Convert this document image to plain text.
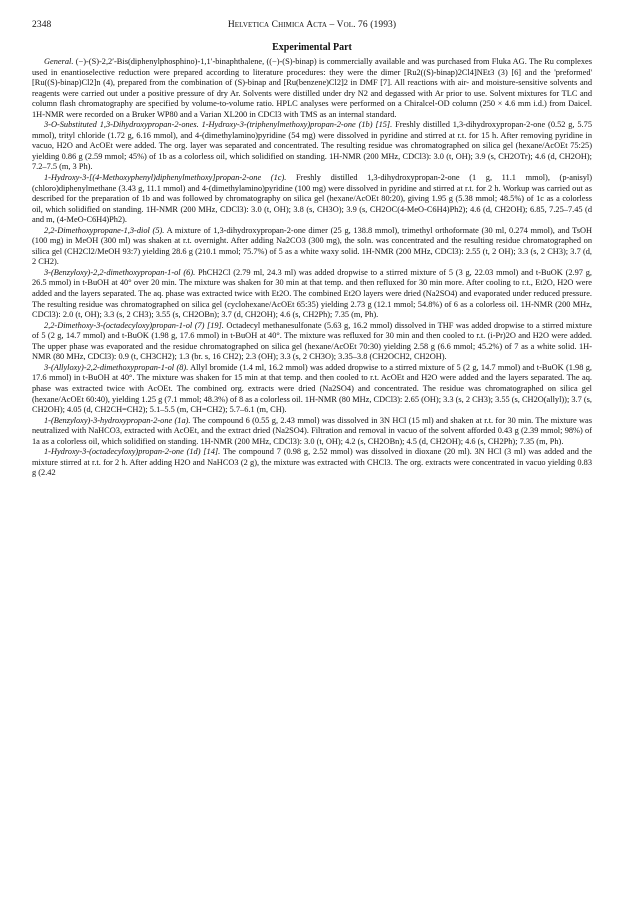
2348	Helvetica Chimica Acta – Vol. 76 (1993)
Experimental Part

General. (−)-(S)-2,2′-Bis(diphenylphosphino)-1,1′-binaphthalene, ((−)-(S)-binap) is commercially available and was purchased from Fluka AG. The Ru complexes used in enantioselective reduction were prepared according to literature procedures: they were the dimer [Ru2((S)-binap)2Cl4]NEt3 (3) [6] and the 'preformed' [Ru((S)-binap)Cl2]n (4), prepared from the combination of (S)-binap and [Ru(benzene)Cl2]2 in DMF [7]. All reactions with air- and moisture-sensitive solvents and reagents were carried out under a positive pressure of dry Ar. Solvents were distilled under dry N2 and degassed with Ar prior to use. Solvent mixtures for TLC and column flash chromatography are specified by volume-to-volume ratio. HPLC analyses were performed on a Chiralcel-OD column (250 × 4.6 mm i.d.) from Daicel. 1H-NMR were recorded on a Bruker WP80 and a Varian XL200 in CDCl3 with TMS as an internal standard.

3-O-Substituted 1,3-Dihydroxypropan-2-ones. 1-Hydroxy-3-(triphenylmethoxy)propan-2-one (1b) [15]. Freshly distilled 1,3-dihydroxypropan-2-one (0.52 g, 5.75 mmol), trityl chloride (1.72 g, 6.16 mmol), and 4-(dimethylamino)pyridine (54 mg) were dissolved in pyridine and stirred at r.t. for 15 h. After removing pyridine in vacuo, H2O and AcOEt were added. The org. layer was separated and concentrated. The resulting residue was chromatographed on silica gel (hexane/AcOEt 75:25) yielding 0.86 g (2.59 mmol; 45%) of 1b as a colorless oil, which solidified on standing. 1H-NMR (200 MHz, CDCl3): 3.0 (t, OH); 3.9 (s, CH2OTr); 4.6 (d, CH2OH); 7.2–7.5 (m, 3 Ph).

1-Hydroxy-3-[(4-Methoxyphenyl)diphenylmethoxy]propan-2-one (1c). Freshly distilled 1,3-dihydroxypropan-2-one (1 g, 11.1 mmol), (p-anisyl)(chloro)diphenylmethane (3.43 g, 11.1 mmol) and 4-(dimethylamino)pyridine (100 mg) were dissolved in pyridine and stirred at r.t. for 2 h. Workup was carried out as described for the preparation of 1b and was followed by chromatography on silica gel (hexane/AcOEt 80:20), giving 1.95 g (5.38 mmol; 48.5%) of 1c as a colorless oil, which solidified on standing. 1H-NMR (200 MHz, CDCl3): 3.0 (t, OH); 3.8 (s, CH3O); 3.9 (s, CH2OC(4-MeO-C6H4)Ph2); 4.6 (d, CH2OH); 6.85, 7.25–7.45 (d and m, (4-MeO-C6H4)Ph2).

2,2-Dimethoxypropane-1,3-diol (5). A mixture of 1,3-dihydroxypropan-2-one dimer (25 g, 138.8 mmol), trimethyl orthoformate (30 ml, 0.274 mmol), and TsOH (100 mg) in MeOH (300 ml) was shaken at r.t. overnight. After adding Na2CO3 (300 mg), the soln. was concentrated and the resulting residue chromatographed on silica gel (CH2Cl2/MeOH 93:7) yielding 28.6 g (210.1 mmol; 75.7%) of 5 as a white waxy solid. 1H-NMR (200 MHz, CDCl3): 2.55 (t, 2 OH); 3.3 (s, 2 CH3); 3.7 (d, 2 CH2).

3-(Benzyloxy)-2,2-dimethoxypropan-1-ol (6). PhCH2Cl (2.79 ml, 24.3 ml) was added dropwise to a stirred mixture of 5 (3 g, 22.03 mmol) and t-BuOK (2.97 g, 26.5 mmol) in t-BuOH at 40° over 20 min. The mixture was shaken for 30 min at that temp. and then refluxed for 30 min more. After cooling to r.t., Et2O, H2O were added and the layers separated. The aq. phase was extracted twice with Et2O. The combined Et2O layers were dried (Na2SO4) and evaporated under reduced pressure. The resulting residue was chromatographed on silica gel (cyclohexane/AcOEt 65:35) yielding 2.73 g (12.1 mmol; 54.8%) of 6 as a colorless oil. 1H-NMR (200 MHz, CDCl3): 2.0 (t, OH); 3.3 (s, 2 CH3); 3.55 (s, CH2OBn); 3.7 (d, CH2OH); 4.6 (s, CH2Ph); 7.35 (m, Ph).

2,2-Dimethoxy-3-(octadecyloxy)propan-1-ol (7) [19]. Octadecyl methanesulfonate (5.63 g, 16.2 mmol) dissolved in THF was added dropwise to a stirred mixture of 5 (2 g, 14.7 mmol) and t-BuOK (1.98 g, 17.6 mmol) in t-BuOH at 40°. The mixture was refluxed for 30 min and then cooled to r.t. (i-Pr)2O and H2O were added. The upper phase was evaporated and the residue chromatographed on silica gel (hexane/AcOEt 70:30) yielding 2.58 g (6.6 mmol; 45.2%) of 7 as a white solid. 1H-NMR (80 MHz, CDCl3): 0.9 (t, CH3CH2); 1.3 (br. s, 16 CH2); 2.3 (OH); 3.3 (s, 2 CH3O); 3.35–3.8 (CH2OCH2, CH2OH).

3-(Allyloxy)-2,2-dimethoxypropan-1-ol (8). Allyl bromide (1.4 ml, 16.2 mmol) was added dropwise to a stirred mixture of 5 (2 g, 14.7 mmol) and t-BuOK (1.98 g, 17.6 mmol) in t-BuOH at 40°. The mixture was shaken for 15 min at that temp. and then cooled to r.t. AcOEt and H2O were added and the layers separated. The aq. phase was extracted twice with AcOEt. The combined org. extracts were dried (Na2SO4) and concentrated. The residue was chromatographed on silica gel (hexane/AcOEt 60:40), yielding 1.25 g (7.1 mmol; 48.3%) of 8 as a colorless oil. 1H-NMR (80 MHz, CDCl3): 2.65 (OH); 3.3 (s, 2 CH3); 3.55 (s, CH2O(allyl)); 3.7 (s, CH2OH); 4.05 (d, CH2CH=CH2); 5.1–5.5 (m, CH=CH2); 5.7–6.1 (m, CH).

1-(Benzyloxy)-3-hydroxypropan-2-one (1a). The compound 6 (0.55 g, 2.43 mmol) was dissolved in 3N HCl (15 ml) and shaken at r.t. for 30 min. The mixture was neutralized with NaHCO3, extracted with AcOEt, and the extract dried (Na2SO4). Filtration and removal in vacuo of the solvent afforded 0.43 g (2.39 mmol; 98%) of 1a as a colorless oil, which solidified on standing. 1H-NMR (200 MHz, CDCl3): 3.0 (t, OH); 4.2 (s, CH2OBn); 4.5 (d, CH2OH); 4.6 (s, CH2Ph); 7.35 (m, Ph).

1-Hydroxy-3-(octadecyloxy)propan-2-one (1d) [14]. The compound 7 (0.98 g, 2.52 mmol) was dissolved in dioxane (20 ml). 3N HCl (3 ml) was added and the mixture stirred at r.t. for 2 h. After adding H2O and NaHCO3 (2 g), the mixture was extracted with CHCl3. The org. extracts were concentrated in vacuo yielding 0.83 g (2.42
